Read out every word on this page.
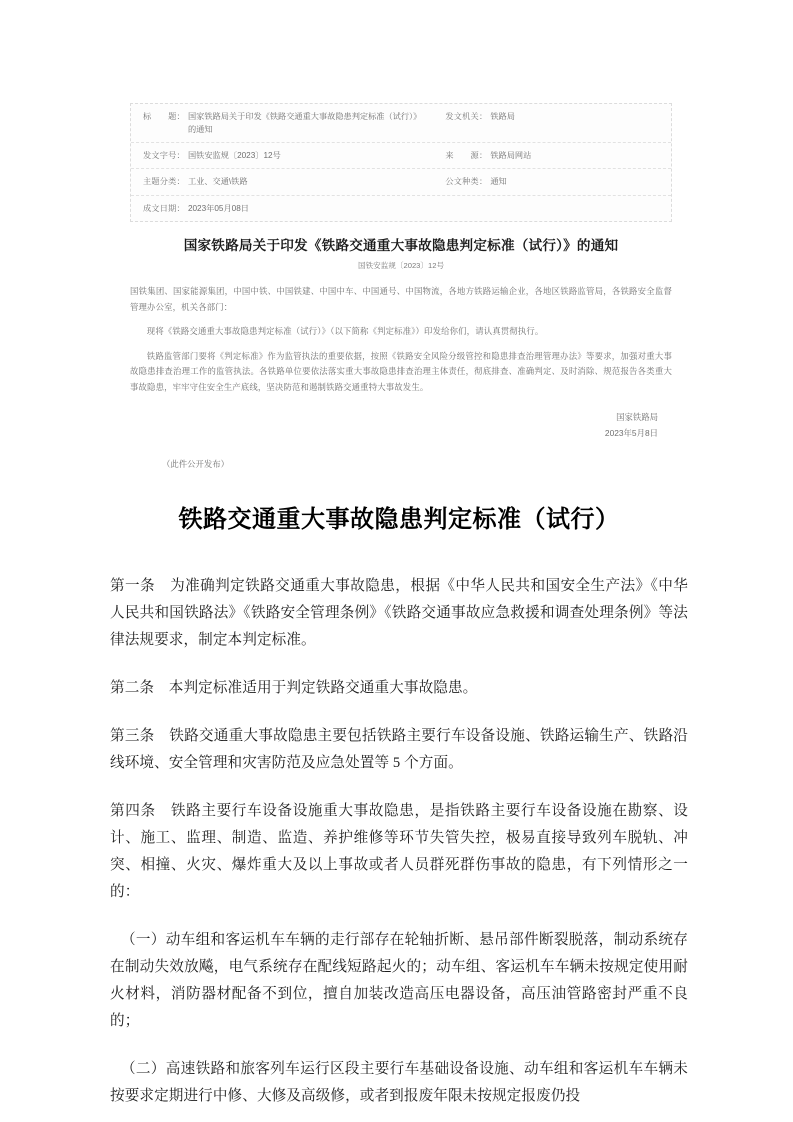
标　　题： 国家铁路局关于印发《铁路交通重大事故隐患判定标准（试行）》的通知
发文机关： 铁路局
发文字号： 国铁安监规〔2023〕12号	来　　源： 铁路局网站
主题分类： 工业、交通\铁路	公文种类： 通知
成文日期： 2023年05月08日
国家铁路局关于印发《铁路交通重大事故隐患判定标准（试行）》的通知
国铁安监规〔2023〕12号
国铁集团、国家能源集团，中国中铁、中国铁建、中国中车、中国通号、中国物流，各地方铁路运输企业，各地区铁路监管局，各铁路安全监督管理办公室，机关各部门：
现将《铁路交通重大事故隐患判定标准（试行）》（以下简称《判定标准》）印发给你们，请认真贯彻执行。
铁路监管部门要将《判定标准》作为监管执法的重要依据，按照《铁路安全风险分级管控和隐患排查治理管理办法》等要求，加强对重大事故隐患排查治理工作的监管执法。各铁路单位要依法落实重大事故隐患排查治理主体责任，彻底排查、准确判定、及时消除、规范报告各类重大事故隐患，牢牢守住安全生产底线，坚决防范和遏制铁路交通重特大事故发生。
国家铁路局
2023年5月8日
（此件公开发布）
铁路交通重大事故隐患判定标准（试行）
第一条　为准确判定铁路交通重大事故隐患，根据《中华人民共和国安全生产法》《中华人民共和国铁路法》《铁路安全管理条例》《铁路交通事故应急救援和调查处理条例》等法律法规要求，制定本判定标准。
第二条　本判定标准适用于判定铁路交通重大事故隐患。
第三条　铁路交通重大事故隐患主要包括铁路主要行车设备设施、铁路运输生产、铁路沿线环境、安全管理和灾害防范及应急处置等 5 个方面。
第四条　铁路主要行车设备设施重大事故隐患，是指铁路主要行车设备设施在勘察、设计、施工、监理、制造、监造、养护维修等环节失管失控，极易直接导致列车脱轨、冲突、相撞、火灾、爆炸重大及以上事故或者人员群死群伤事故的隐患，有下列情形之一的：
（一）动车组和客运机车车辆的走行部存在轮轴折断、悬吊部件断裂脱落，制动系统存在制动失效放飚，电气系统存在配线短路起火的；动车组、客运机车车辆未按规定使用耐火材料，消防器材配备不到位，擅自加装改造高压电器设备，高压油管路密封严重不良的；
（二）高速铁路和旅客列车运行区段主要行车基础设备设施、动车组和客运机车车辆未按要求定期进行中修、大修及高级修，或者到报废年限未按规定报废仍投
